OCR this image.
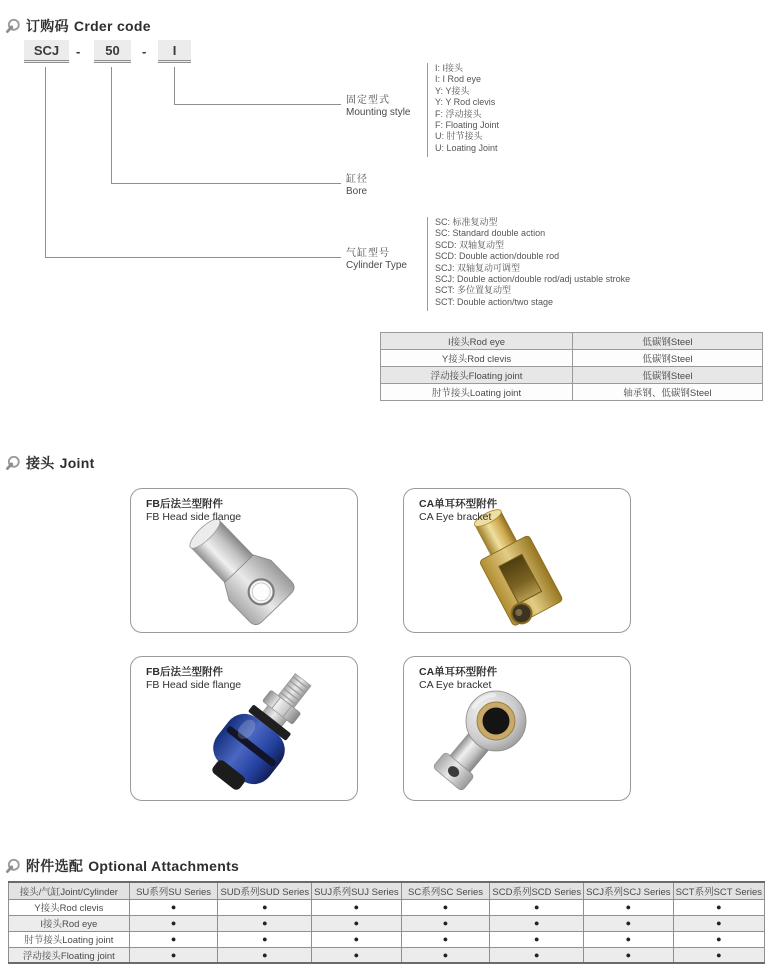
订购码 Crder code
SCJ	-	50	-	I
固定型式
Mounting style
I: I接头
I: I Rod eye
Y: Y接头
Y: Y Rod clevis
F: 浮动接头
F: Floating Joint
U: 肘节接头
U: Loating Joint
缸径
Bore
气缸型号
Cylinder Type
SC: 标准复动型
SC: Standard double action
SCD: 双轴复动型
SCD: Double action/double rod
SCJ: 双轴复动可调型
SCJ: Double action/double rod/adj ustable stroke
SCT: 多位置复动型
SCT: Double action/two stage
I接头Rod eye	低碳钢Steel
Y接头Rod clevis	低碳钢Steel
浮动接头Floating joint	低碳钢Steel
肘节接头Loating joint	轴承钢、低碳钢Steel
接头 Joint
FB后法兰型附件
FB Head side flange
CA单耳环型附件
CA Eye bracket
FB后法兰型附件
FB Head side flange
CA单耳环型附件
CA Eye bracket
附件选配 Optional Attachments
接头/气缸Joint/Cylinder	SU系列SU Series	SUD系列SUD Series	SUJ系列SUJ Series	SC系列SC Series	SCD系列SCD Series	SCJ系列SCJ Series	SCT系列SCT Series
Y接头Rod clevis	●	●	●	●	●	●	●
I接头Rod eye	●	●	●	●	●	●	●
肘节接头Loating joint	●	●	●	●	●	●	●
浮动接头Floating joint	●	●	●	●	●	●	●
